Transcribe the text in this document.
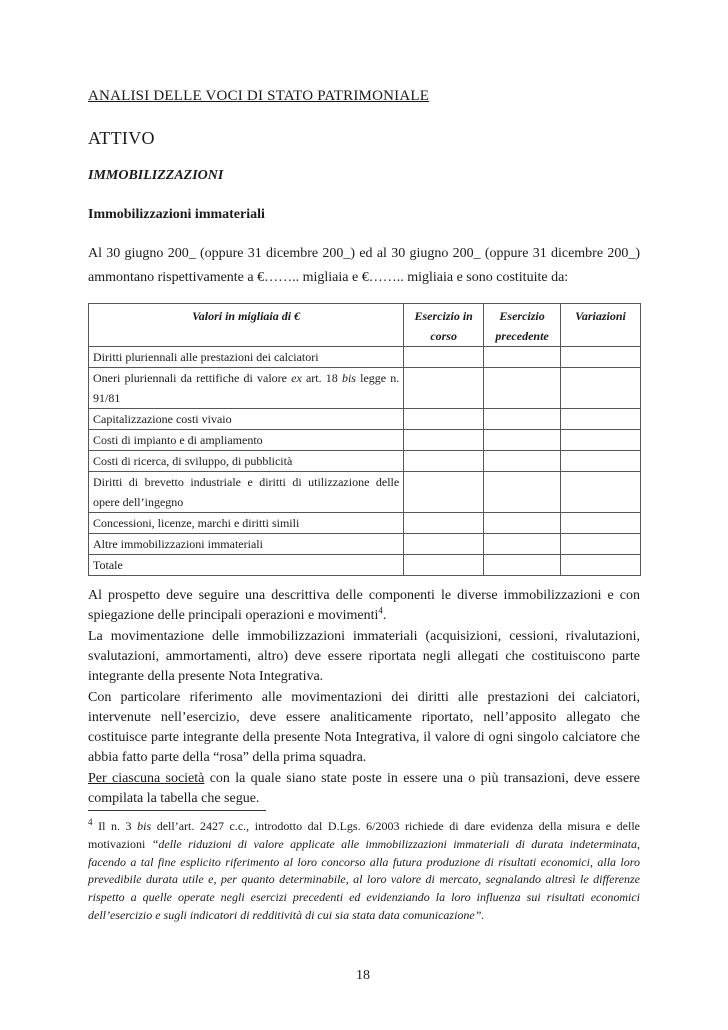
ANALISI DELLE VOCI DI STATO PATRIMONIALE
ATTIVO
IMMOBILIZZAZIONI
Immobilizzazioni immateriali
Al 30 giugno 200_ (oppure 31 dicembre 200_) ed al 30 giugno 200_ (oppure 31 dicembre 200_) ammontano rispettivamente a €…….. migliaia e €…….. migliaia e sono costituite da:
Valori in migliaia di €	Esercizio in corso	Esercizio precedente	Variazioni
Diritti pluriennali alle prestazioni dei calciatori			
Oneri pluriennali da rettifiche di valore ex art. 18 bis legge n. 91/81			
Capitalizzazione costi vivaio			
Costi di impianto e di ampliamento			
Costi di ricerca, di sviluppo, di pubblicità			
Diritti di brevetto industriale e diritti di utilizzazione delle opere dell’ingegno			
Concessioni, licenze, marchi e diritti simili			
Altre immobilizzazioni immateriali			
Totale			

Al prospetto deve seguire una descrittiva delle componenti le diverse immobilizzazioni e con spiegazione delle principali operazioni e movimenti$^4$.

La movimentazione delle immobilizzazioni immateriali (acquisizioni, cessioni, rivalutazioni, svalutazioni, ammortamenti, altro) deve essere riportata negli allegati che costituiscono parte integrante della presente Nota Integrativa.

Con particolare riferimento alle movimentazioni dei diritti alle prestazioni dei calciatori, intervenute nell’esercizio, deve essere analiticamente riportato, nell’apposito allegato che costituisce parte integrante della presente Nota Integrativa, il valore di ogni singolo calciatore che abbia fatto parte della “rosa” della prima squadra.

Per ciascuna società con la quale siano state poste in essere una o più transazioni, deve essere compilata la tabella che segue.

$^4$ Il n. 3 bis dell’art. 2427 c.c., introdotto dal D.Lgs. 6/2003 richiede di dare evidenza della misura e delle motivazioni “delle riduzioni di valore applicate alle immobilizzazioni immateriali di durata indeterminata, facendo a tal fine esplicito riferimento al loro concorso alla futura produzione di risultati economici, alla loro prevedibile durata utile e, per quanto determinabile, al loro valore di mercato, segnalando altresì le differenze rispetto a quelle operate negli esercizi precedenti ed evidenziando la loro influenza sui risultati economici dell’esercizio e sugli indicatori di redditività di cui sia stata data comunicazione”.
18
